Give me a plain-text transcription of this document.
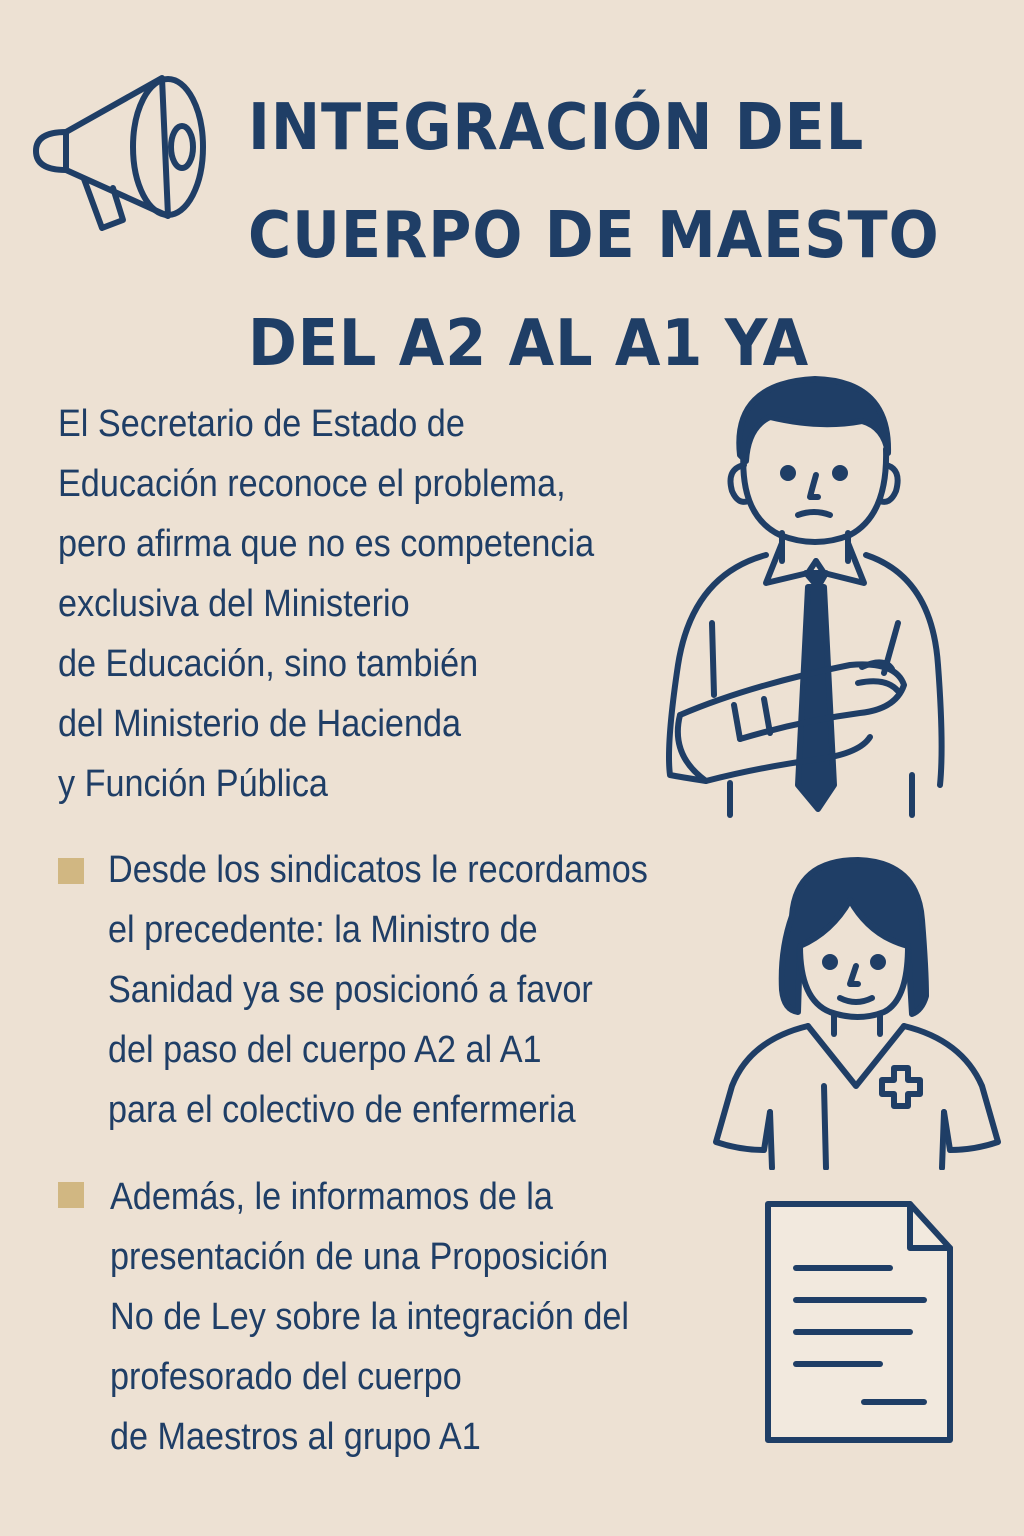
INTEGRACIÓN DEL
CUERPO DE MAESTO
DEL A2 AL A1 YA
El Secretario de Estado de
Educación reconoce el problema,
pero afirma que no es competencia
exclusiva del Ministerio
de Educación, sino también
del Ministerio de Hacienda
y Función Pública
Desde los sindicatos le recordamos
el precedente: la Ministro de
Sanidad ya se posicionó a favor
del paso del cuerpo A2 al A1
para el colectivo de enfermeria
Además, le informamos de la
presentación de una Proposición
No de Ley sobre la integración del
profesorado del cuerpo
de Maestros al grupo A1
